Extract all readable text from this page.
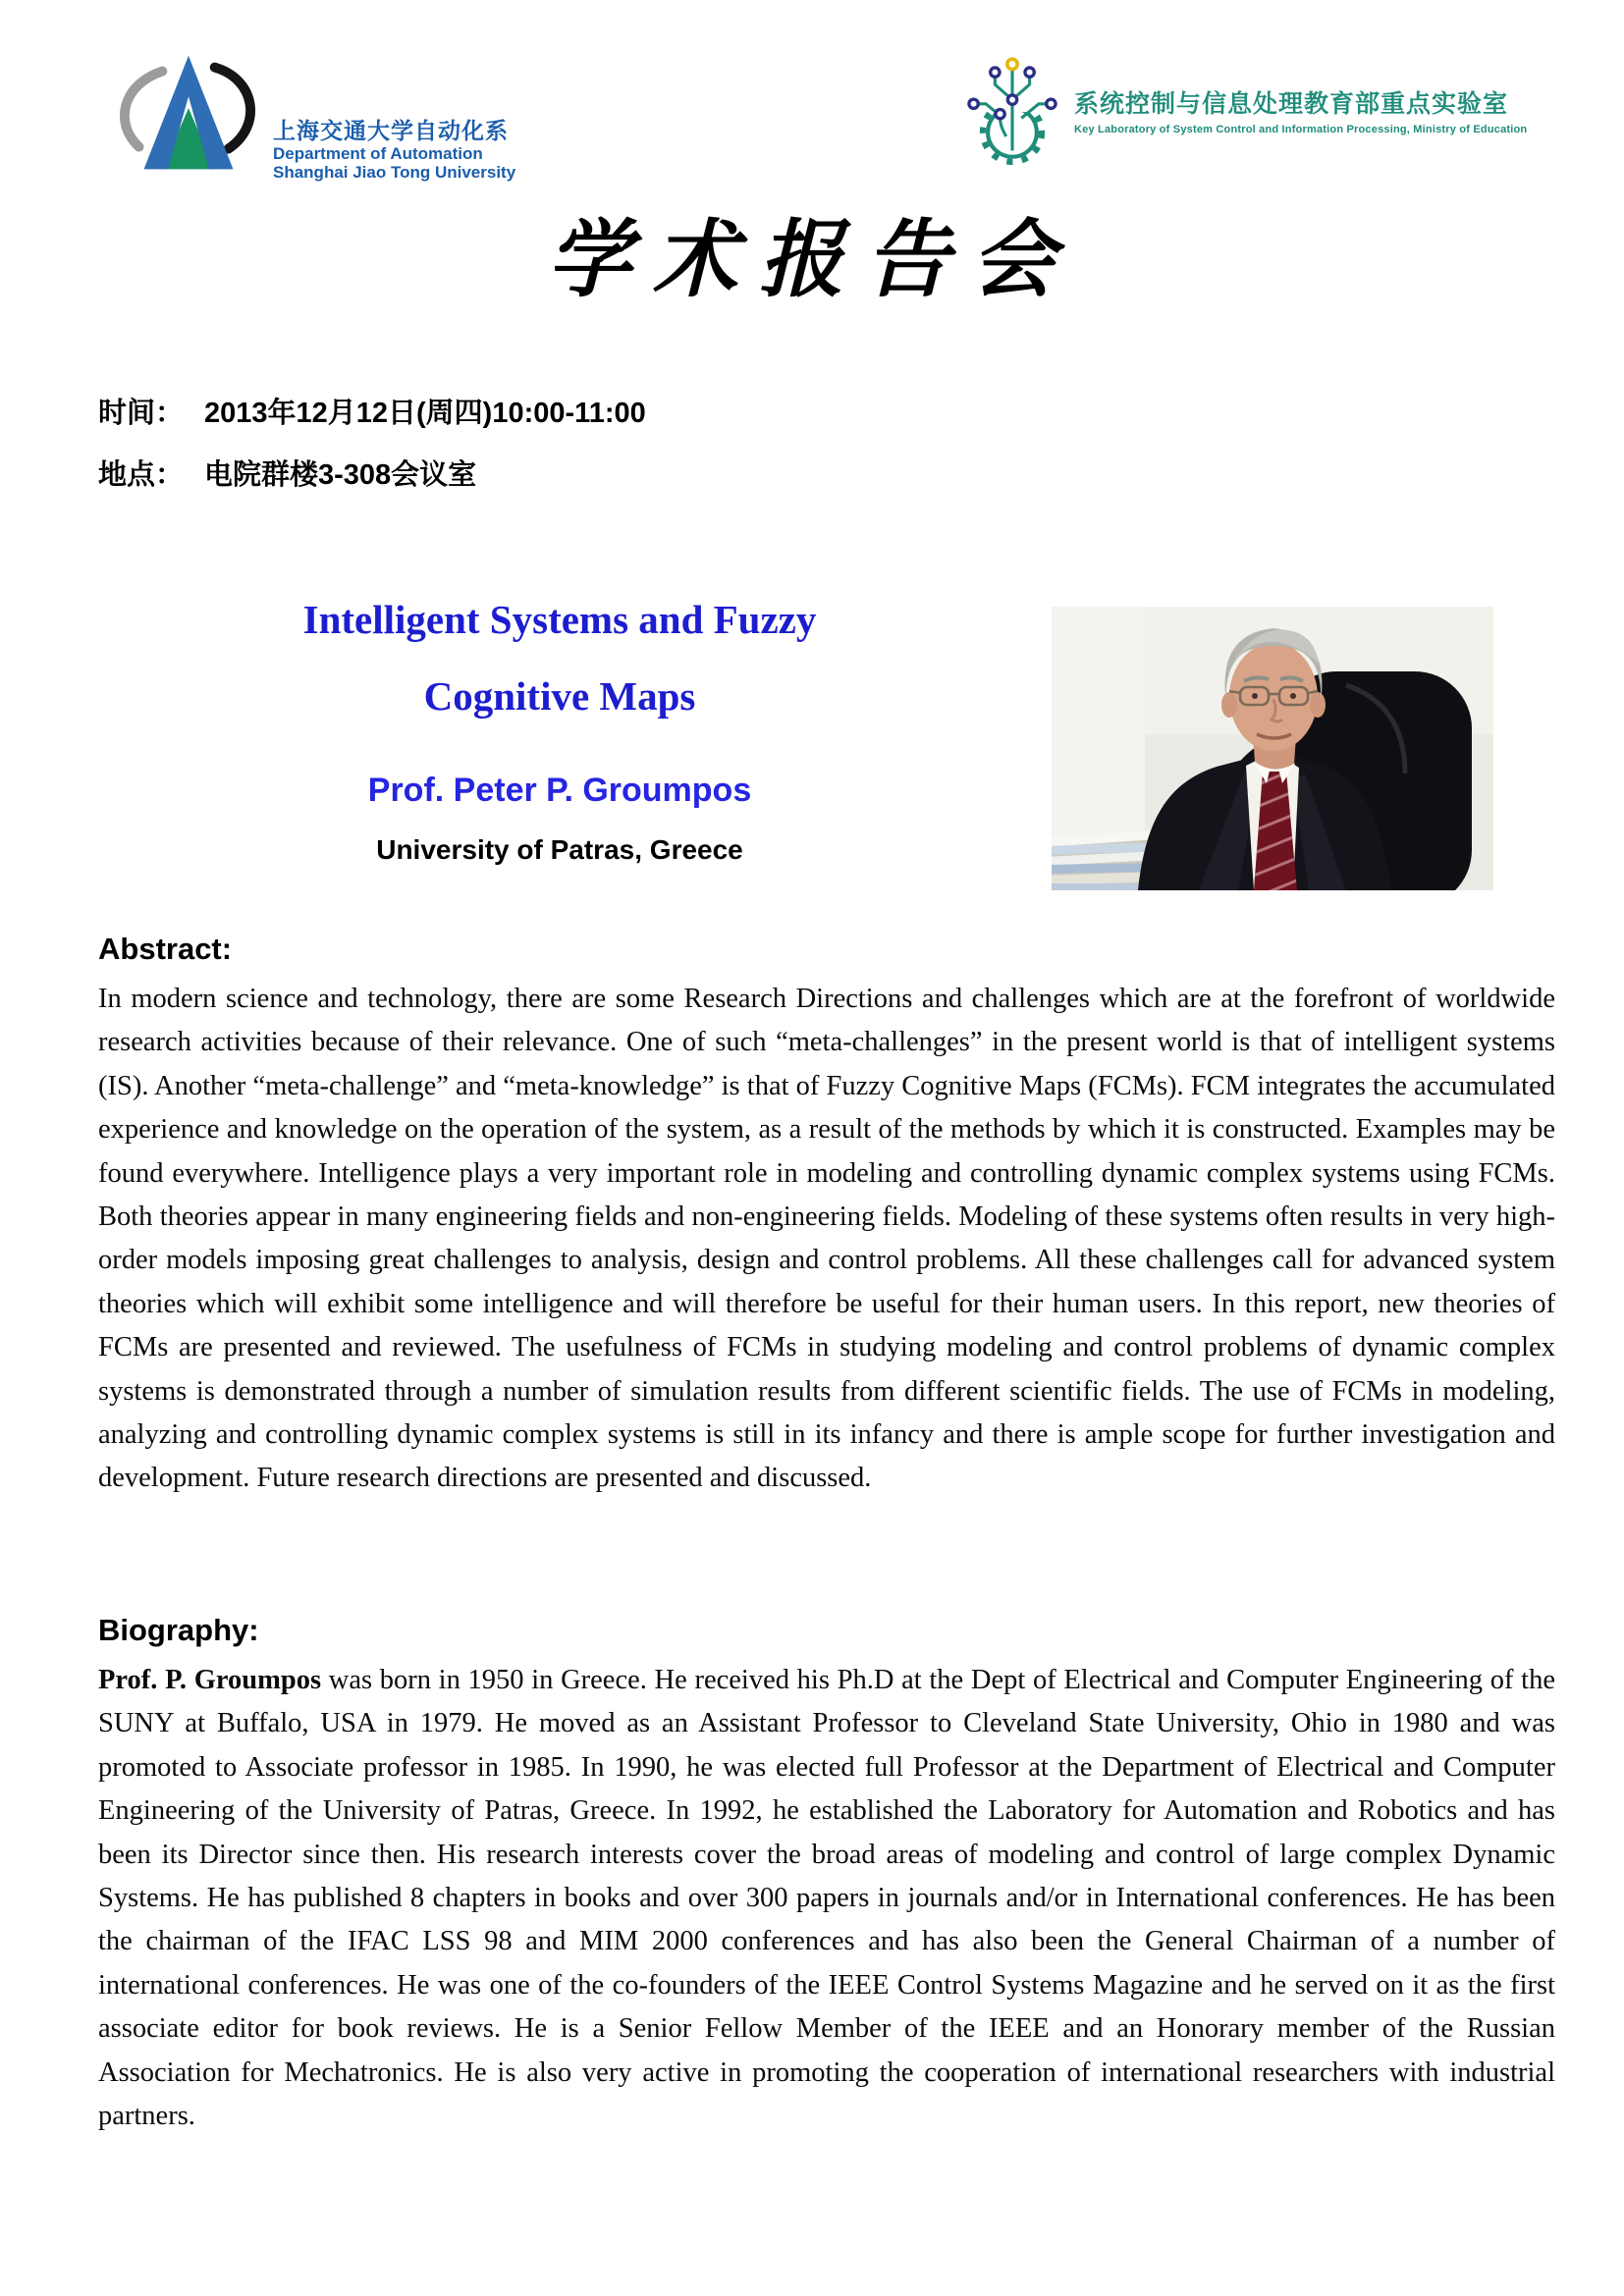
上海交通大学自动化系
Department of Automation
Shanghai Jiao Tong University
系统控制与信息处理教育部重点实验室
Key Laboratory of System Control and Information Processing, Ministry of Education
学术报告会
时间： 2013年12月12日(周四)10:00-11:00
地点： 电院群楼3-308会议室
Intelligent Systems and Fuzzy
Cognitive Maps
Prof. Peter P. Groumpos
University of Patras, Greece
Abstract:
In modern science and technology, there are some Research Directions and challenges which are at the forefront of worldwide research activities because of their relevance. One of such “meta-challenges” in the present world is that of intelligent systems (IS). Another “meta-challenge” and “meta-knowledge” is that of Fuzzy Cognitive Maps (FCMs). FCM integrates the accumulated experience and knowledge on the operation of the system, as a result of the methods by which it is constructed. Examples may be found everywhere. Intelligence plays a very important role in modeling and controlling dynamic complex systems using FCMs. Both theories appear in many engineering fields and non-engineering fields. Modeling of these systems often results in very high-order models imposing great challenges to analysis, design and control problems. All these challenges call for advanced system theories which will exhibit some intelligence and will therefore be useful for their human users. In this report, new theories of FCMs are presented and reviewed. The usefulness of FCMs in studying modeling and control problems of dynamic complex systems is demonstrated through a number of simulation results from different scientific fields. The use of FCMs in modeling, analyzing and controlling dynamic complex systems is still in its infancy and there is ample scope for further investigation and development. Future research directions are presented and discussed.
Biography:
Prof. P. Groumpos was born in 1950 in Greece. He received his Ph.D at the Dept of Electrical and Computer Engineering of the SUNY at Buffalo, USA in 1979. He moved as an Assistant Professor to Cleveland State University, Ohio in 1980 and was promoted to Associate professor in 1985. In 1990, he was elected full Professor at the Department of Electrical and Computer Engineering of the University of Patras, Greece. In 1992, he established the Laboratory for Automation and Robotics and has been its Director since then. His research interests cover the broad areas of modeling and control of large complex Dynamic Systems. He has published 8 chapters in books and over 300 papers in journals and/or in International conferences. He has been the chairman of the IFAC LSS 98 and MIM 2000 conferences and has also been the General Chairman of a number of international conferences. He was one of the co-founders of the IEEE Control Systems Magazine and he served on it as the first associate editor for book reviews. He is a Senior Fellow Member of the IEEE and an Honorary member of the Russian Association for Mechatronics. He is also very active in promoting the cooperation of international researchers with industrial partners.
